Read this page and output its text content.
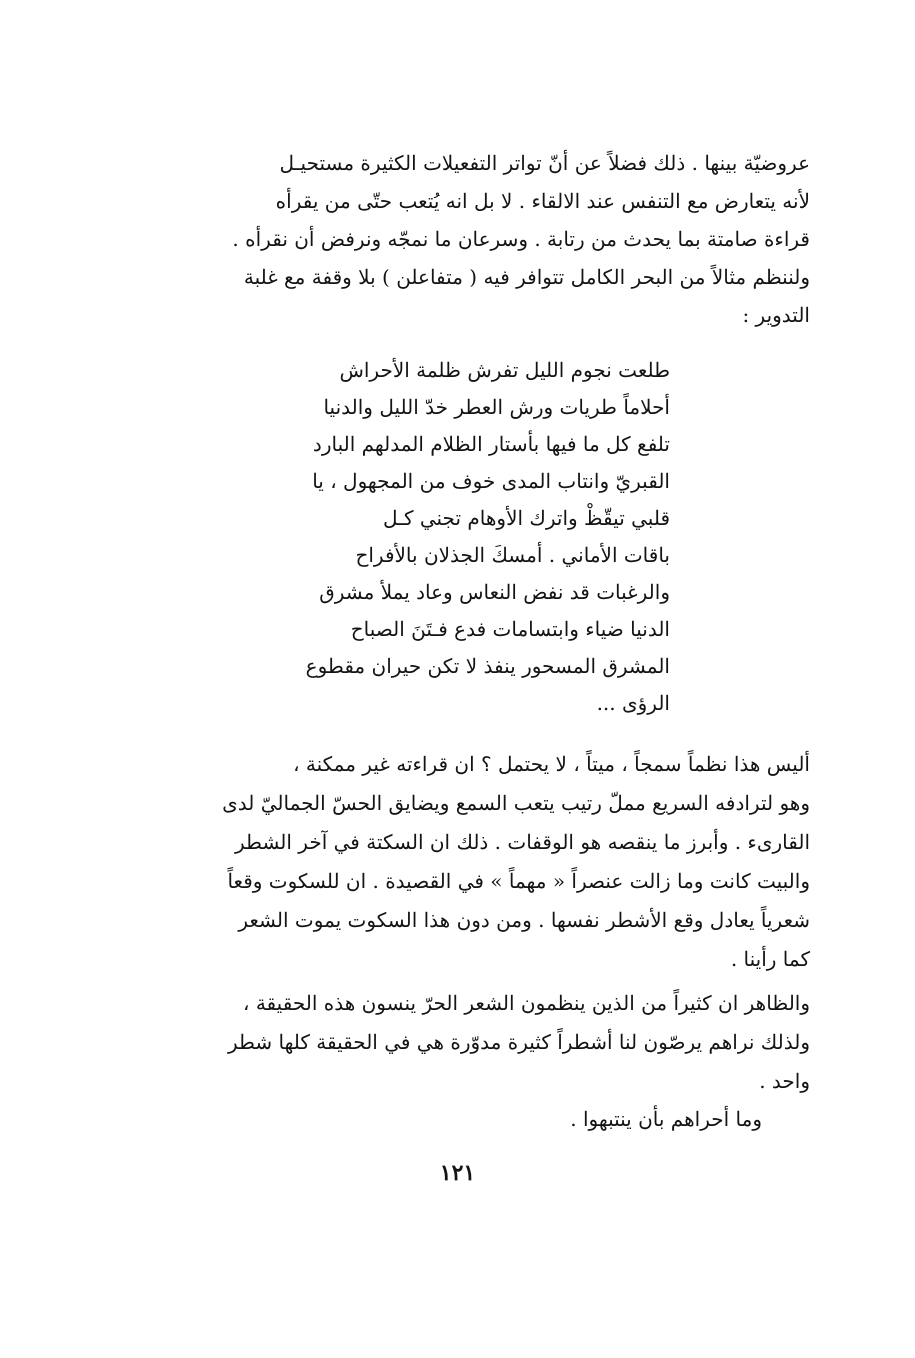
عروضيّة بينها . ذلك فضلاً عن أنّ تواتر التفعيلات الكثيرة مستحيـل
لأنه يتعارض مع التنفس عند الالقاء . لا بل انه يُتعب حتّى من يقرأه
قراءة صامتة بما يحدث من رتابة . وسرعان ما نمجّه ونرفض أن نقرأه .
ولننظم مثالاً من البحر الكامل تتوافر فيه ( متفاعلن ) بلا وقفة مع غلبة
التدوير :
طلعت نجوم الليل تفرش ظلمة الأحراش
أحلاماً طريات ورش العطر خدّ الليل والدنيا
تلفع كل ما فيها بأستار الظلام المدلهم البارد
القبريّ وانتاب المدى خوف من المجهول ، يا
قلبي تيقّظْ واترك الأوهام تجني كـل
باقات الأماني . أمسكَ الجذلان بالأفراح
والرغبات قد نفض النعاس وعاد يملأ مشرق
الدنيا ضياء وابتسامات فدع فـتَنَ الصباح
المشرق المسحور ينفذ لا تكن حيران مقطوع
الرؤى ...
أليس هذا نظماً سمجاً ، ميتاً ، لا يحتمل ؟ ان قراءته غير ممكنة ،
وهو لترادفه السريع مملّ رتيب يتعب السمع ويضايق الحسّ الجماليّ لدى
القارىء . وأبرز ما ينقصه هو الوقفات . ذلك ان السكتة في آخر الشطر
والبيت كانت وما زالت عنصراً « مهماً » في القصيدة . ان للسكوت وقعاً
شعرياً يعادل وقع الأشطر نفسها . ومن دون هذا السكوت يموت الشعر
كما رأينا .
والظاهر ان كثيراً من الذين ينظمون الشعر الحرّ ينسون هذه الحقيقة ،
ولذلك نراهم يرصّون لنا أشطراً كثيرة مدوّرة هي في الحقيقة كلها شطر
واحد .
وما أحراهم بأن ينتبهوا .
١٢١
